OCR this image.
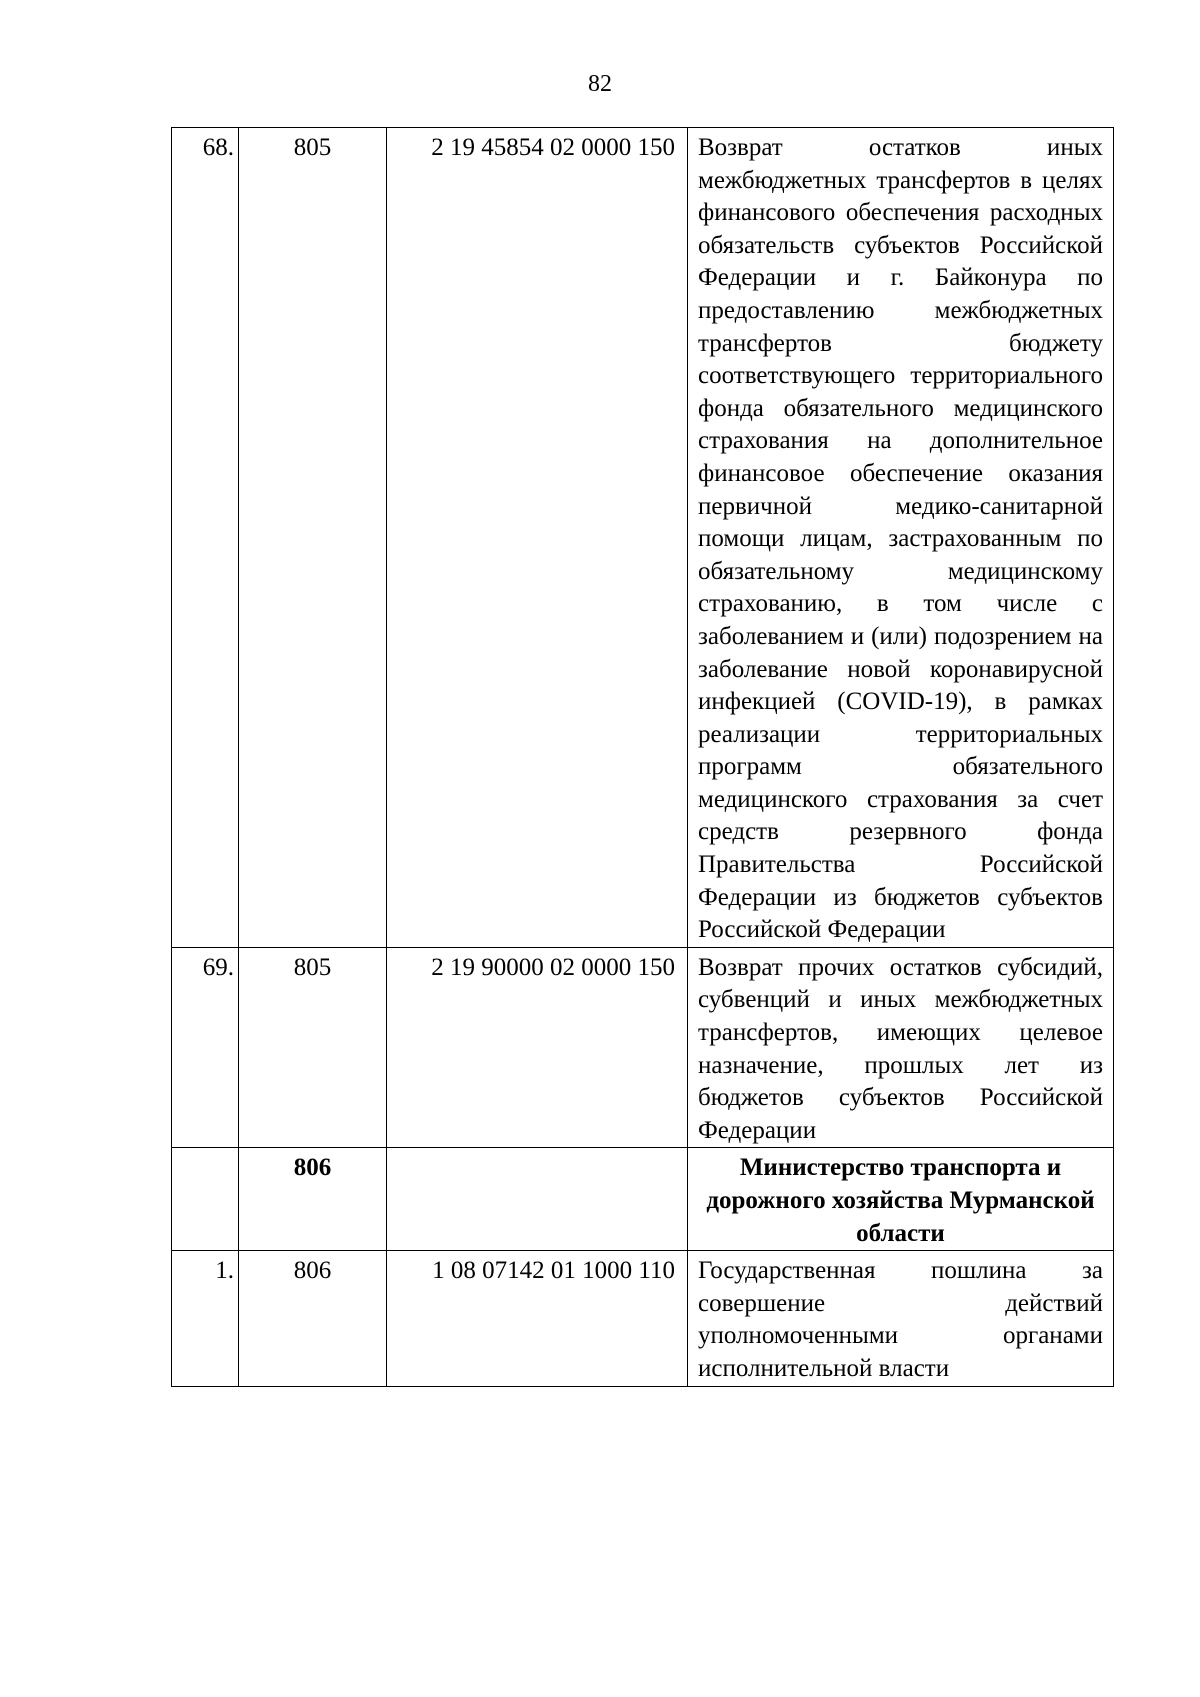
82
68.	805	2 19 45854 02 0000 150	Возврат остатков иных межбюджетных трансфертов в целях финансового обеспечения расходных обязательств субъектов Российской Федерации и г. Байконура по предоставлению межбюджетных трансфертов бюджету соответствующего территориального фонда обязательного медицинского страхования на дополнительное финансовое обеспечение оказания первичной медико-санитарной помощи лицам, застрахованным по обязательному медицинскому страхованию, в том числе с заболеванием и (или) подозрением на заболевание новой коронавирусной инфекцией (COVID-19), в рамках реализации территориальных программ обязательного медицинского страхования за счет средств резервного фонда Правительства Российской Федерации из бюджетов субъектов Российской Федерации
69.	805	2 19 90000 02 0000 150	Возврат прочих остатков субсидий, субвенций и иных межбюджетных трансфертов, имеющих целевое назначение, прошлых лет из бюджетов субъектов Российской Федерации
	806		Министерство транспорта и дорожного хозяйства Мурманской области
1.	806	1 08 07142 01 1000 110	Государственная пошлина за совершение действий уполномоченными органами исполнительной власти
